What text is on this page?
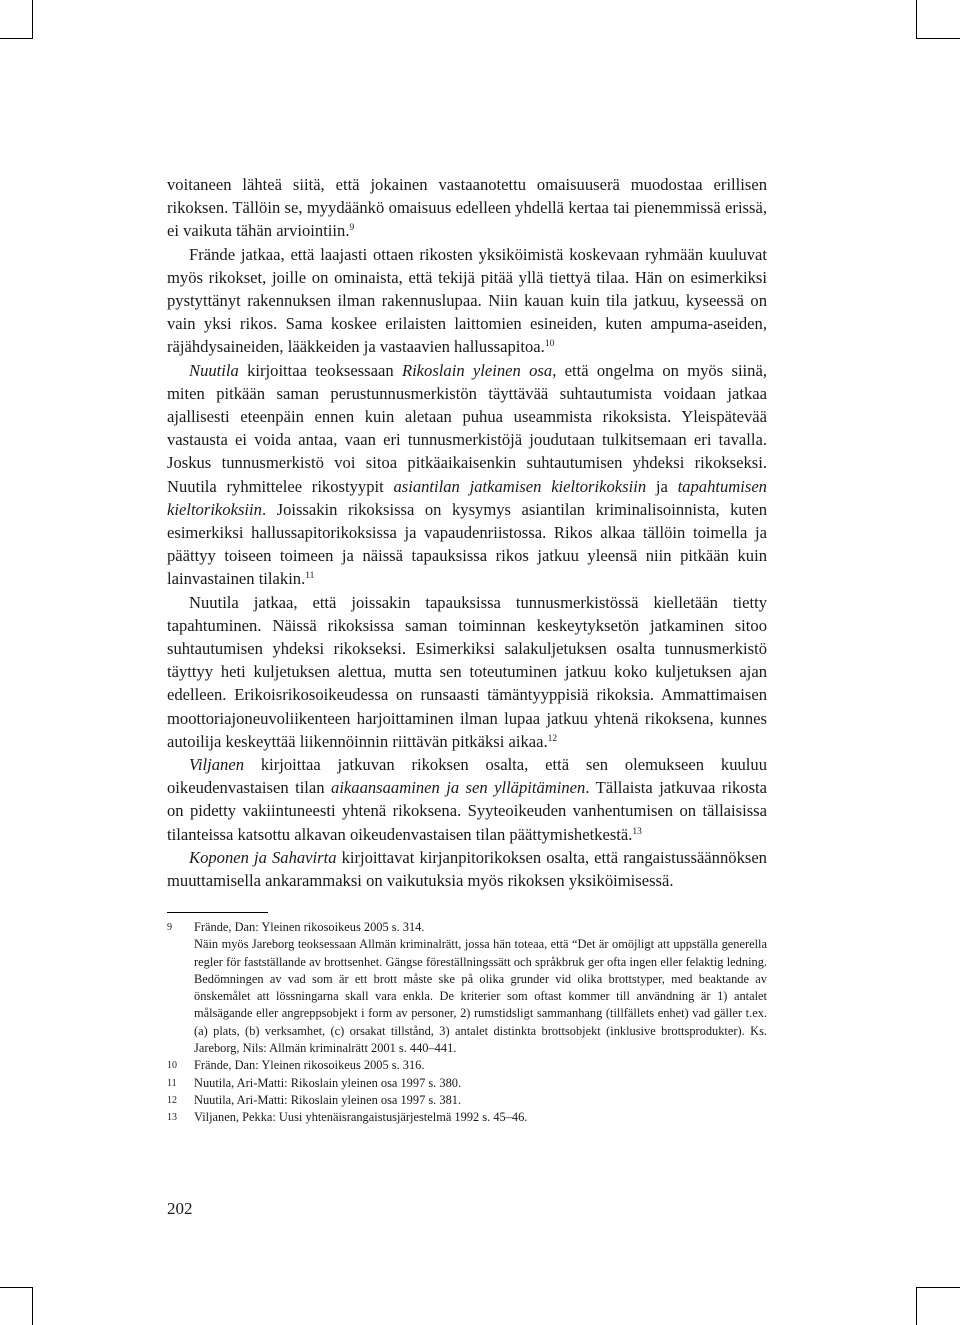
voitaneen lähteä siitä, että jokainen vastaanotettu omaisuuserä muodostaa erillisen rikoksen. Tällöin se, myydäänkö omaisuus edelleen yhdellä kertaa tai pienemmissä erissä, ei vaikuta tähän arviointiin.$^9$

Frände jatkaa, että laajasti ottaen rikosten yksiköimistä koskevaan ryhmään kuuluvat myös rikokset, joille on ominaista, että tekijä pitää yllä tiettyä tilaa. Hän on esimerkiksi pystyttänyt rakennuksen ilman rakennuslupaa. Niin kauan kuin tila jatkuu, kyseessä on vain yksi rikos. Sama koskee erilaisten laittomien esineiden, kuten ampuma-aseiden, räjähdysaineiden, lääkkeiden ja vastaavien hallussapitoa.$^{10}$

Nuutila kirjoittaa teoksessaan Rikoslain yleinen osa, että ongelma on myös siinä, miten pitkään saman perustunnusmerkistön täyttävää suhtautumista voidaan jatkaa ajallisesti eteenpäin ennen kuin aletaan puhua useammista rikoksista. Yleispätevää vastausta ei voida antaa, vaan eri tunnusmerkistöjä joudutaan tulkitsemaan eri tavalla. Joskus tunnusmerkistö voi sitoa pitkäaikaisenkin suhtautumisen yhdeksi rikokseksi. Nuutila ryhmittelee rikostyypit asiantilan jatkamisen kieltorikoksiin ja tapahtumisen kieltorikoksiin. Joissakin rikoksissa on kysymys asiantilan kriminalisoinnista, kuten esimerkiksi hallussapitorikoksissa ja vapaudenriistossa. Rikos alkaa tällöin toimella ja päättyy toiseen toimeen ja näissä tapauksissa rikos jatkuu yleensä niin pitkään kuin lainvastainen tilakin.$^{11}$

Nuutila jatkaa, että joissakin tapauksissa tunnusmerkistössä kielletään tietty tapahtuminen. Näissä rikoksissa saman toiminnan keskeytyksetön jatkaminen sitoo suhtautumisen yhdeksi rikokseksi. Esimerkiksi salakuljetuksen osalta tunnusmerkistö täyttyy heti kuljetuksen alettua, mutta sen toteutuminen jatkuu koko kuljetuksen ajan edelleen. Erikoisrikosoikeudessa on runsaasti tämäntyyppisiä rikoksia. Ammattimaisen moottoriajoneuvoliikenteen harjoittaminen ilman lupaa jatkuu yhtenä rikoksena, kunnes autoilija keskeyttää liikennöinnin riittävän pitkäksi aikaa.$^{12}$

Viljanen kirjoittaa jatkuvan rikoksen osalta, että sen olemukseen kuuluu oikeudenvastaisen tilan aikaansaaminen ja sen ylläpitäminen. Tällaista jatkuvaa rikosta on pidetty vakiintuneesti yhtenä rikoksena. Syyteoikeuden vanhentumisen on tällaisissa tilanteissa katsottu alkavan oikeudenvastaisen tilan päättymishetkestä.$^{13}$

Koponen ja Sahavirta kirjoittavat kirjanpitorikoksen osalta, että rangaistussäännöksen muuttamisella ankarammaksi on vaikutuksia myös rikoksen yksiköimisessä.

9 Frände, Dan: Yleinen rikosoikeus 2005 s. 314.
Näin myös Jareborg teoksessaan Allmän kriminalrätt, jossa hän toteaa, että “Det är omöjligt att uppställa generella regler för fastställande av brottsenhet. Gängse föreställningssätt och språkbruk ger ofta ingen eller felaktig ledning. Bedömningen av vad som är ett brott måste ske på olika grunder vid olika brottstyper, med beaktande av önskemålet att lössningarna skall vara enkla. De kriterier som oftast kommer till användning är 1) antalet målsägande eller angreppsobjekt i form av personer, 2) rumstidsligt sammanhang (tillfällets enhet) vad gäller t.ex. (a) plats, (b) verksamhet, (c) orsakat tillstånd, 3) antalet distinkta brottsobjekt (inklusive brottsprodukter). Ks. Jareborg, Nils: Allmän kriminalrätt 2001 s. 440–441.
10 Frände, Dan: Yleinen rikosoikeus 2005 s. 316.
11 Nuutila, Ari-Matti: Rikoslain yleinen osa 1997 s. 380.
12 Nuutila, Ari-Matti: Rikoslain yleinen osa 1997 s. 381.
13 Viljanen, Pekka: Uusi yhtenäisrangaistusjärjestelmä 1992 s. 45–46.
202
